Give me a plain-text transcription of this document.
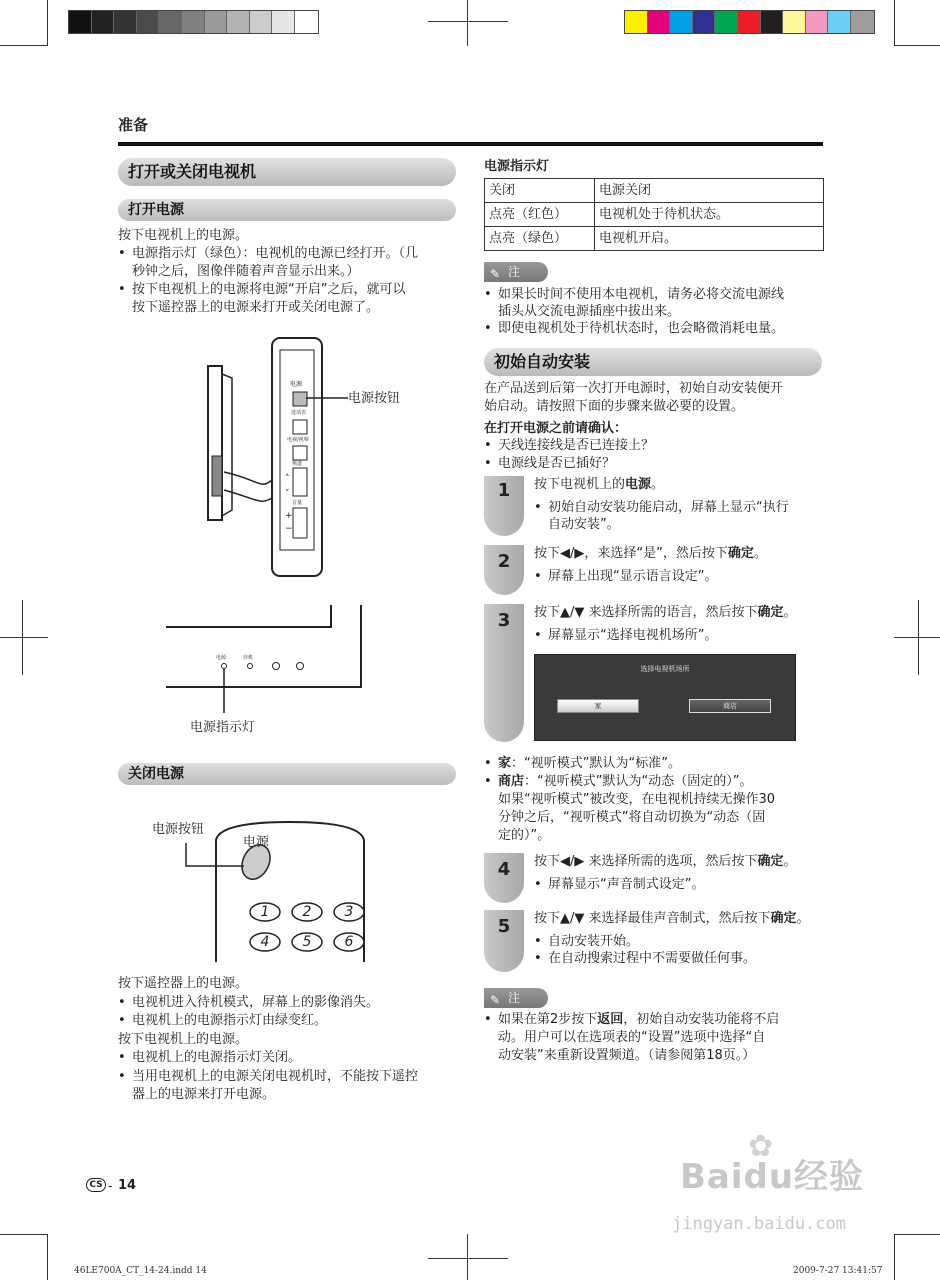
准备
打开或关闭电视机
打开电源
按下电视机上的电源。
• 电源指示灯（绿色）：电视机的电源已经打开。（几
秒钟之后，图像伴随着声音显示出来。）
• 按下电视机上的电源将电源“开启”之后，就可以
按下遥控器上的电源来打开或关闭电源了。
电源
选项表
电视/视频
频道
音量
˄
˅
+
−
电源按钮
电源	待机
电源指示灯
关闭电源
电源按钮
电源
1 2 3
4 5 6
按下遥控器上的电源。
• 电视机进入待机模式，屏幕上的影像消失。
• 电视机上的电源指示灯由绿变红。
按下电视机上的电源。
• 电视机上的电源指示灯关闭。
• 当用电视机上的电源关闭电视机时，不能按下遥控
器上的电源来打开电源。
CS - 14
电源指示灯
关闭	电源关闭
点亮（红色）	电视机处于待机状态。
点亮（绿色）	电视机开启。
✎ 注
• 如果长时间不使用本电视机，请务必将交流电源线
插头从交流电源插座中拔出来。
• 即使电视机处于待机状态时，也会略微消耗电量。
初始自动安装
在产品送到后第一次打开电源时，初始自动安装便开
始启动。请按照下面的步骤来做必要的设置。
在打开电源之前请确认：
• 天线连接线是否已连接上？
• 电源线是否已插好？
1	按下电视机上的电源。
• 初始自动安装功能启动，屏幕上显示“执行
自动安装”。
2	按下◀/▶，来选择“是”，然后按下确定。
• 屏幕上出现“显示语言设定”。
3	按下▲/▼ 来选择所需的语言，然后按下确定。
• 屏幕显示“选择电视机场所”。
4	按下◀/▶ 来选择所需的选项，然后按下确定。
• 屏幕显示“声音制式设定”。
5	按下▲/▼ 来选择最佳声音制式，然后按下确定。
• 自动安装开始。
• 在自动搜索过程中不需要做任何事。
选择电视机场所
家	商店
• 家：“视听模式”默认为“标准”。
• 商店：“视听模式”默认为“动态（固定的）”。
如果“视听模式”被改变，在电视机持续无操作30
分钟之后，“视听模式”将自动切换为“动态（固
定的）”。
✎ 注
• 如果在第2步按下返回，初始自动安装功能将不启
动。用户可以在选项表的“设置”选项中选择“自
动安装”来重新设置频道。（请参阅第18页。）
Baidu经验
jingyan.baidu.com
✿
46LE700A_CT_14-24.indd 14	2009-7-27 13:41:57
